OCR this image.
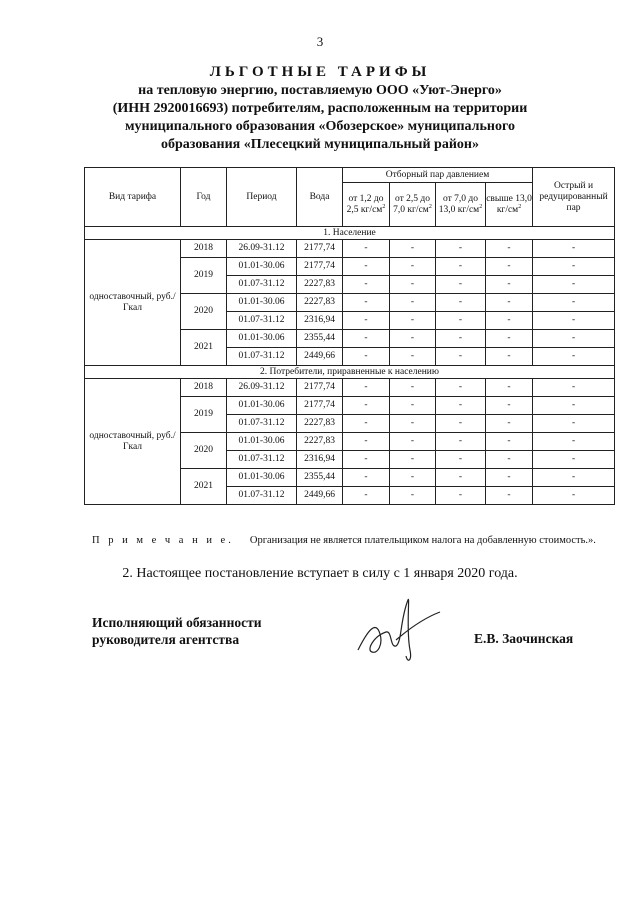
3
ЛЬГОТНЫЕ ТАРИФЫ
на тепловую энергию, поставляемую ООО «Уют-Энерго»
(ИНН 2920016693) потребителям, расположенным на территории
муниципального образования «Обозерское» муниципального
образования «Плесецкий муниципальный район»
Вид тарифа	Год	Период	Вода	Отборный пар давлением				Острый и редуцированный пар
				от 1,2 до 2,5 $кг/см^2$	от 2,5 до 7,0 $кг/см^2$	от 7,0 до 13,0 $кг/см^2$	свыше 13,0 $кг/см^2$
1. Население								
одноставочный, руб./Гкал	2018	26.09-31.12	2177,74	-	-	-	-	-
	2019	01.01-30.06	2177,74	-	-	-	-	-
		01.07-31.12	2227,83	-	-	-	-	-
	2020	01.01-30.06	2227,83	-	-	-	-	-
		01.07-31.12	2316,94	-	-	-	-	-
	2021	01.01-30.06	2355,44	-	-	-	-	-
		01.07-31.12	2449,66	-	-	-	-	-
2. Потребители, приравненные к населению								
одноставочный, руб./Гкал	2018	26.09-31.12	2177,74	-	-	-	-	-
	2019	01.01-30.06	2177,74	-	-	-	-	-
		01.07-31.12	2227,83	-	-	-	-	-
	2020	01.01-30.06	2227,83	-	-	-	-	-
		01.07-31.12	2316,94	-	-	-	-	-
	2021	01.01-30.06	2355,44	-	-	-	-	-
		01.07-31.12	2449,66	-	-	-	-	-
П р и м е ч а н и е. Организация не является плательщиком налога на добавленную стоимость.».
2. Настоящее постановление вступает в силу с 1 января 2020 года.
Исполняющий обязанности
руководителя агентства	Е.В. Заочинская
